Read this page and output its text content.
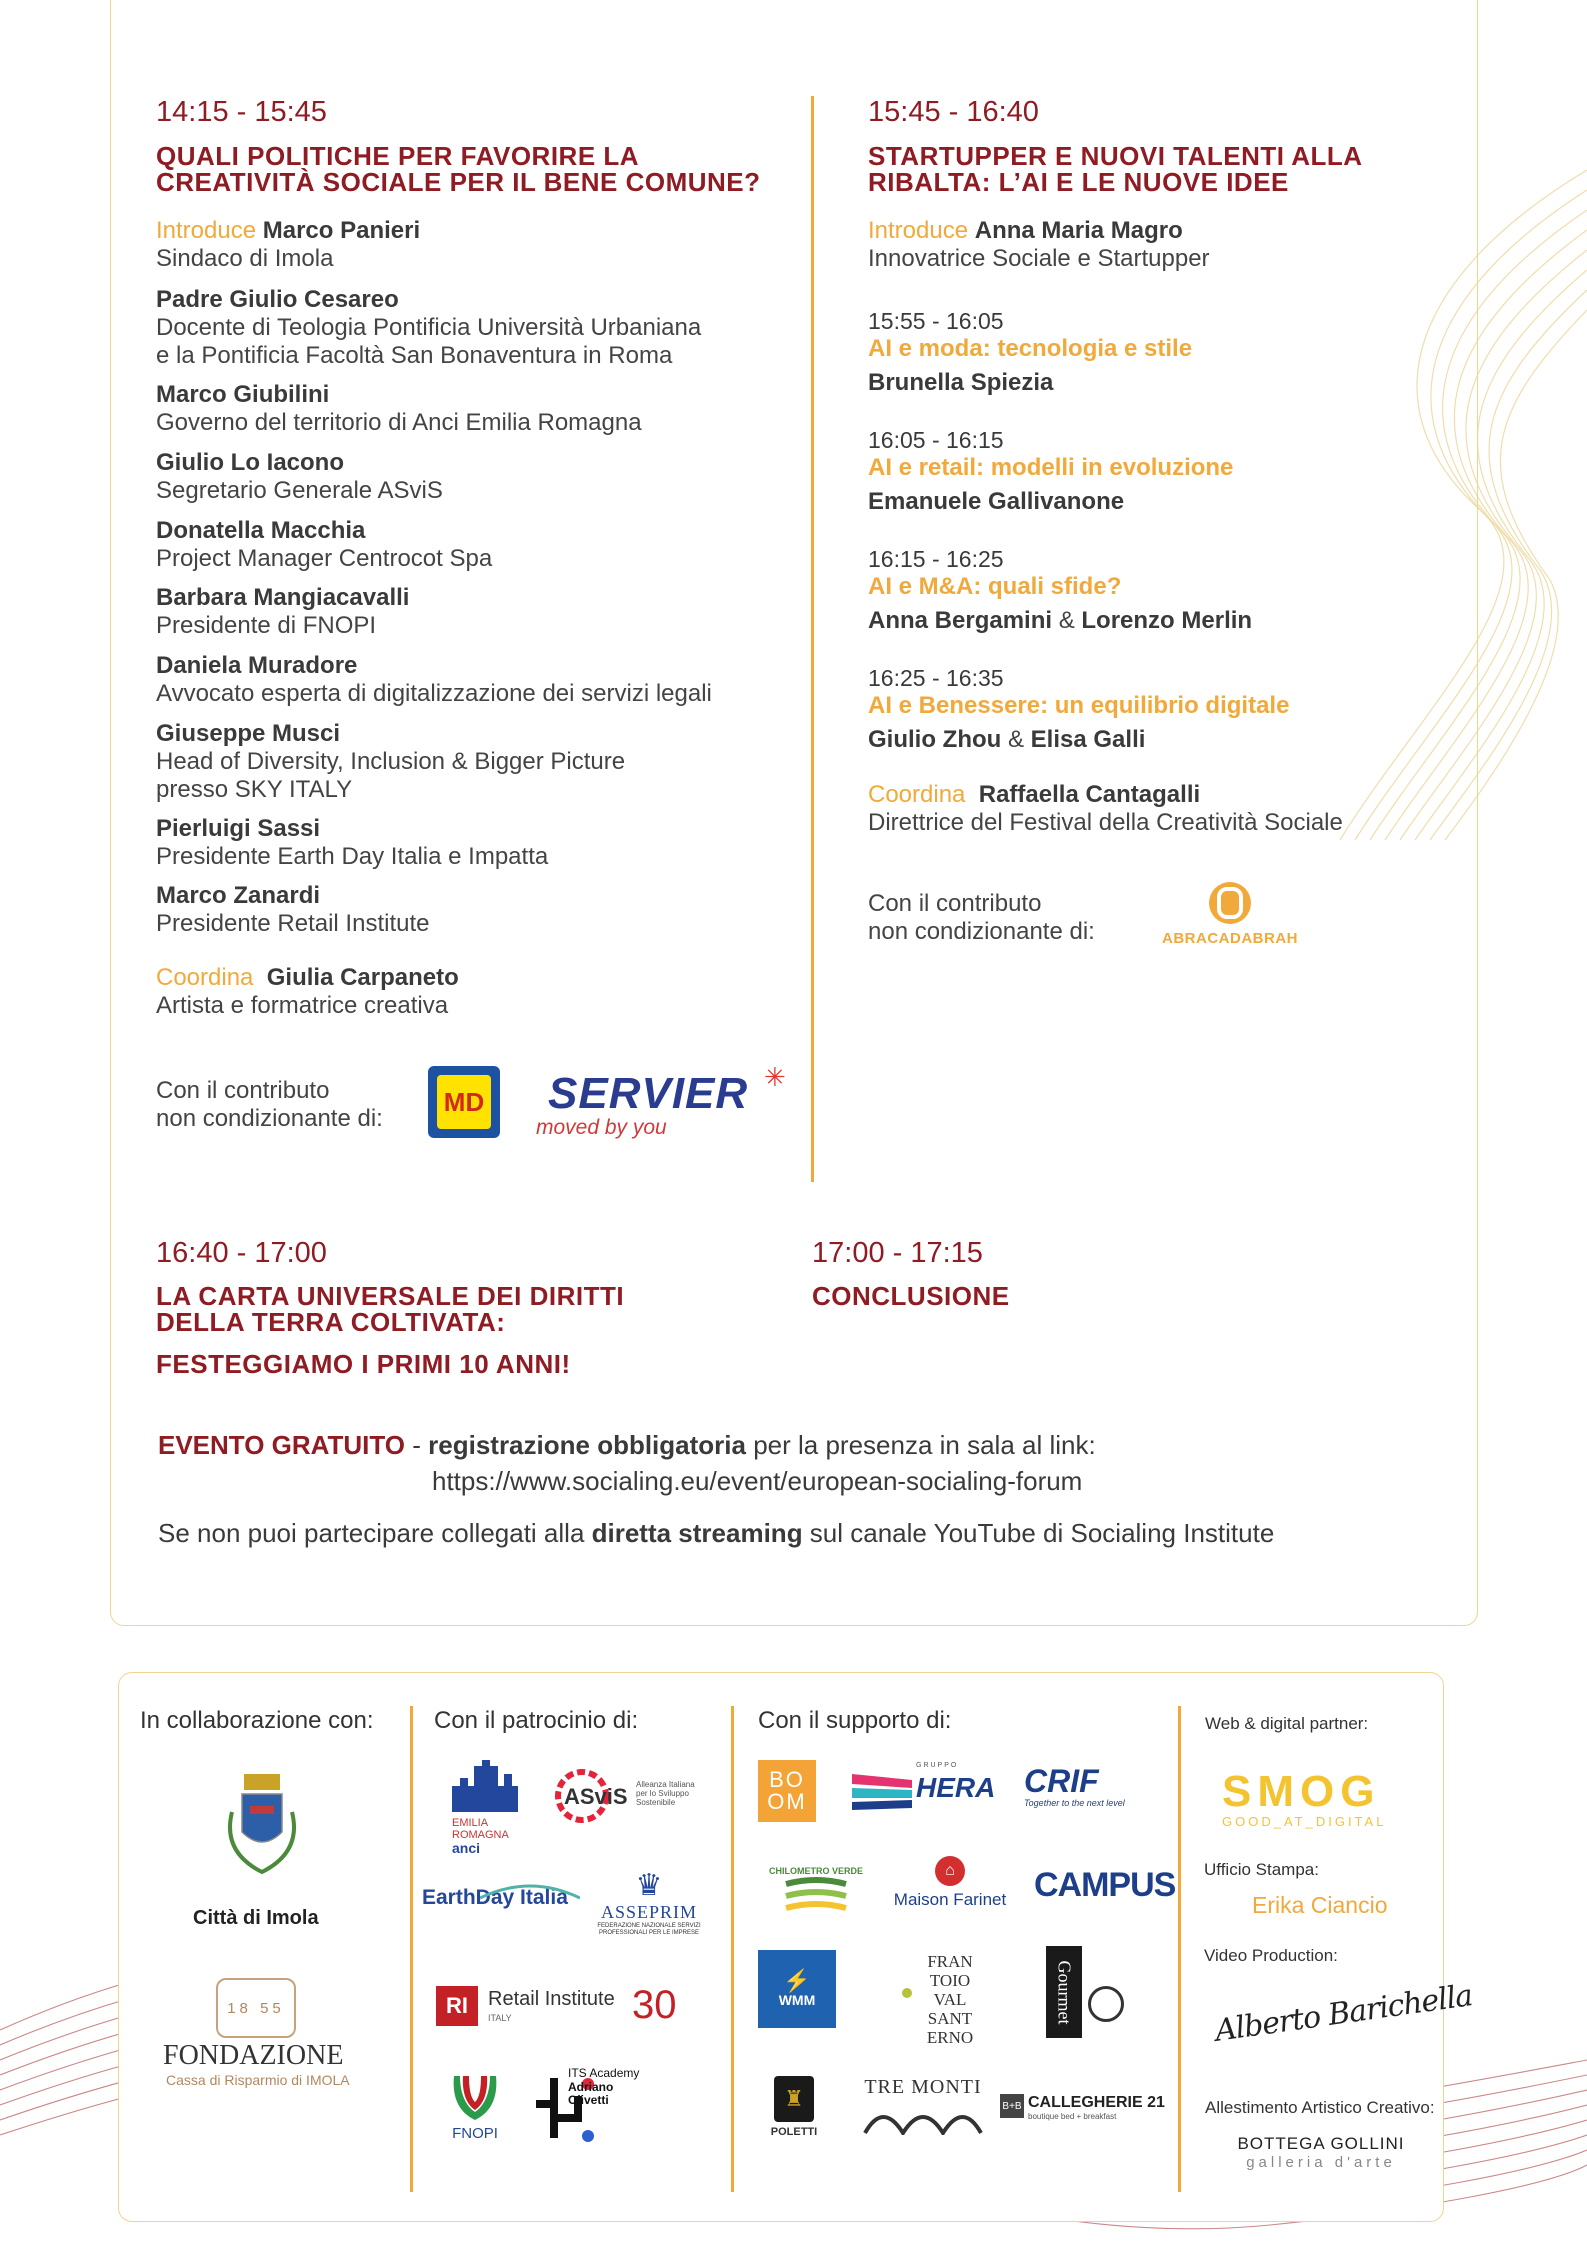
14:15 - 15:45
QUALI POLITICHE PER FAVORIRE LA
CREATIVITÀ SOCIALE PER IL BENE COMUNE?
Introduce Marco Panieri
Sindaco di Imola
Padre Giulio Cesareo
Docente di Teologia Pontificia Università Urbaniana
e la Pontificia Facoltà San Bonaventura in Roma
Marco Giubilini
Governo del territorio di Anci Emilia Romagna
Giulio Lo Iacono
Segretario Generale ASviS
Donatella Macchia
Project Manager Centrocot Spa
Barbara Mangiacavalli
Presidente di FNOPI
Daniela Muradore
Avvocato esperta di digitalizzazione dei servizi legali
Giuseppe Musci
Head of Diversity, Inclusion & Bigger Picture
presso SKY ITALY
Pierluigi Sassi
Presidente Earth Day Italia e Impatta
Marco Zanardi
Presidente Retail Institute
Coordina Giulia Carpaneto
Artista e formatrice creativa
Con il contributo
non condizionante di:
MD SERVIER
moved by you
✳
15:45 - 16:40
STARTUPPER E NUOVI TALENTI ALLA
RIBALTA: L’AI E LE NUOVE IDEE
Introduce Anna Maria Magro
Innovatrice Sociale e Startupper
15:55 - 16:05
AI e moda: tecnologia e stile
Brunella Spiezia
16:05 - 16:15
AI e retail: modelli in evoluzione
Emanuele Gallivanone
16:15 - 16:25
AI e M&A: quali sfide?
Anna Bergamini & Lorenzo Merlin
16:25 - 16:35
AI e Benessere: un equilibrio digitale
Giulio Zhou & Elisa Galli
Coordina Raffaella Cantagalli
Direttrice del Festival della Creatività Sociale
Con il contributo
non condizionante di:	ABRACADABRAH
16:40 - 17:00
LA CARTA UNIVERSALE DEI DIRITTI
DELLA TERRA COLTIVATA:
FESTEGGIAMO I PRIMI 10 ANNI!
17:00 - 17:15
CONCLUSIONE
EVENTO GRATUITO - registrazione obbligatoria per la presenza in sala al link:
https://www.socialing.eu/event/european-socialing-forum
Se non puoi partecipare collegati alla diretta streaming sul canale YouTube di Socialing Institute
In collaborazione con:
Città di Imola
18 55
FONDAZIONE
Cassa di Risparmio di IMOLA
Con il patrocinio di:
EMILIA
ROMAGNA
anci
ASviS Alleanza Italiana per lo Sviluppo Sostenibile
EarthDay Italia	♛
ASSEPRIM
FEDERAZIONE NAZIONALE SERVIZI PROFESSIONALI PER LE IMPRESE
RI	Retail Institute
ITALY	30
FNOPI
ITS Academy
Adriano
Olivetti
Con il supporto di:
BO
OM
GRUPPO
HERA CRIF
Together to the next level
CHILOMETRO VERDE	⌂
Maison Farinet CAMPUS
⚡
WMM
FRAN
TOIO
VAL
SANT
ERNO
Gourmet
♜
POLETTI
TRE MONTI
B+B CALLEGHERIE 21
boutique bed + breakfast
Web & digital partner:
SMOG
GOOD_AT_DIGITAL
Ufficio Stampa:
Erika Ciancio
Video Production:
Alberto Barichella
Allestimento Artistico Creativo:
BOTTEGA GOLLINI
galleria d'arte
